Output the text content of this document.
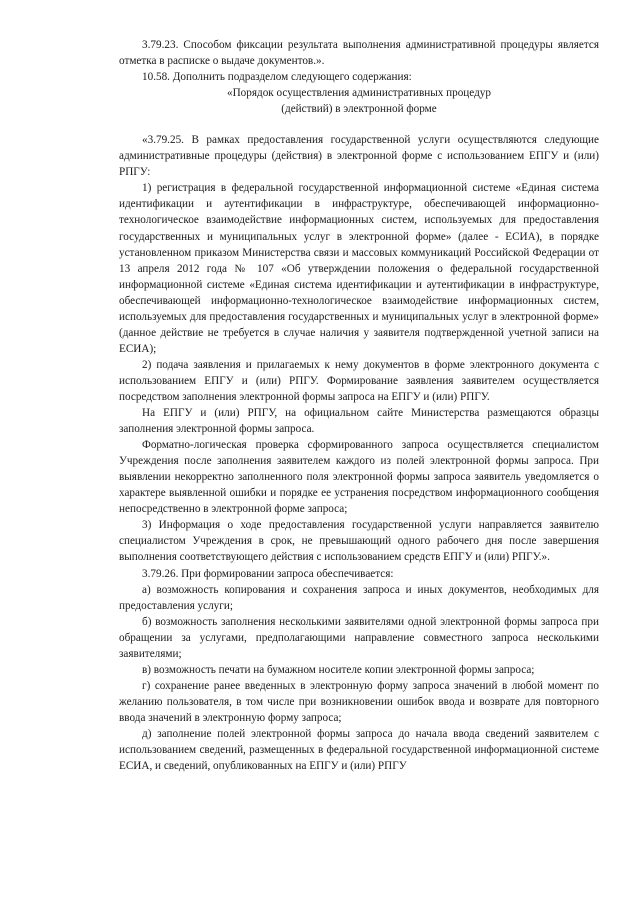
3.79.23. Способом фиксации результата выполнения административной процедуры является отметка в расписке о выдаче документов.».

10.58. Дополнить подразделом следующего содержания:

«Порядок осуществления административных процедур

(действий) в электронной форме

«3.79.25. В рамках предоставления государственной услуги осуществляются следующие административные процедуры (действия) в электронной форме с использованием ЕПГУ и (или) РПГУ:

1) регистрация в федеральной государственной информационной системе «Единая система идентификации и аутентификации в инфраструктуре, обеспечивающей информационно-технологическое взаимодействие информационных систем, используемых для предоставления государственных и муниципальных услуг в электронной форме» (далее - ЕСИА), в порядке установленном приказом Министерства связи и массовых коммуникаций Российской Федерации от 13 апреля 2012 года № 107 «Об утверждении положения о федеральной государственной информационной системе «Единая система идентификации и аутентификации в инфраструктуре, обеспечивающей информационно-технологическое взаимодействие информационных систем, используемых для предоставления государственных и муниципальных услуг в электронной форме» (данное действие не требуется в случае наличия у заявителя подтвержденной учетной записи на ЕСИА);

2) подача заявления и прилагаемых к нему документов в форме электронного документа с использованием ЕПГУ и (или) РПГУ. Формирование заявления заявителем осуществляется посредством заполнения электронной формы запроса на ЕПГУ и (или) РПГУ.

На ЕПГУ и (или) РПГУ, на официальном сайте Министерства размещаются образцы заполнения электронной формы запроса.

Форматно-логическая проверка сформированного запроса осуществляется специалистом Учреждения после заполнения заявителем каждого из полей электронной формы запроса. При выявлении некорректно заполненного поля электронной формы запроса заявитель уведомляется о характере выявленной ошибки и порядке ее устранения посредством информационного сообщения непосредственно в электронной форме запроса;

3) Информация о ходе предоставления государственной услуги направляется заявителю специалистом Учреждения в срок, не превышающий одного рабочего дня после завершения выполнения соответствующего действия с использованием средств ЕПГУ и (или) РПГУ.».

3.79.26. При формировании запроса обеспечивается:

а) возможность копирования и сохранения запроса и иных документов, необходимых для предоставления услуги;

б) возможность заполнения несколькими заявителями одной электронной формы запроса при обращении за услугами, предполагающими направление совместного запроса несколькими заявителями;

в) возможность печати на бумажном носителе копии электронной формы запроса;

г) сохранение ранее введенных в электронную форму запроса значений в любой момент по желанию пользователя, в том числе при возникновении ошибок ввода и возврате для повторного ввода значений в электронную форму запроса;

д) заполнение полей электронной формы запроса до начала ввода сведений заявителем с использованием сведений, размещенных в федеральной государственной информационной системе ЕСИА, и сведений, опубликованных на ЕПГУ и (или) РПГУ
